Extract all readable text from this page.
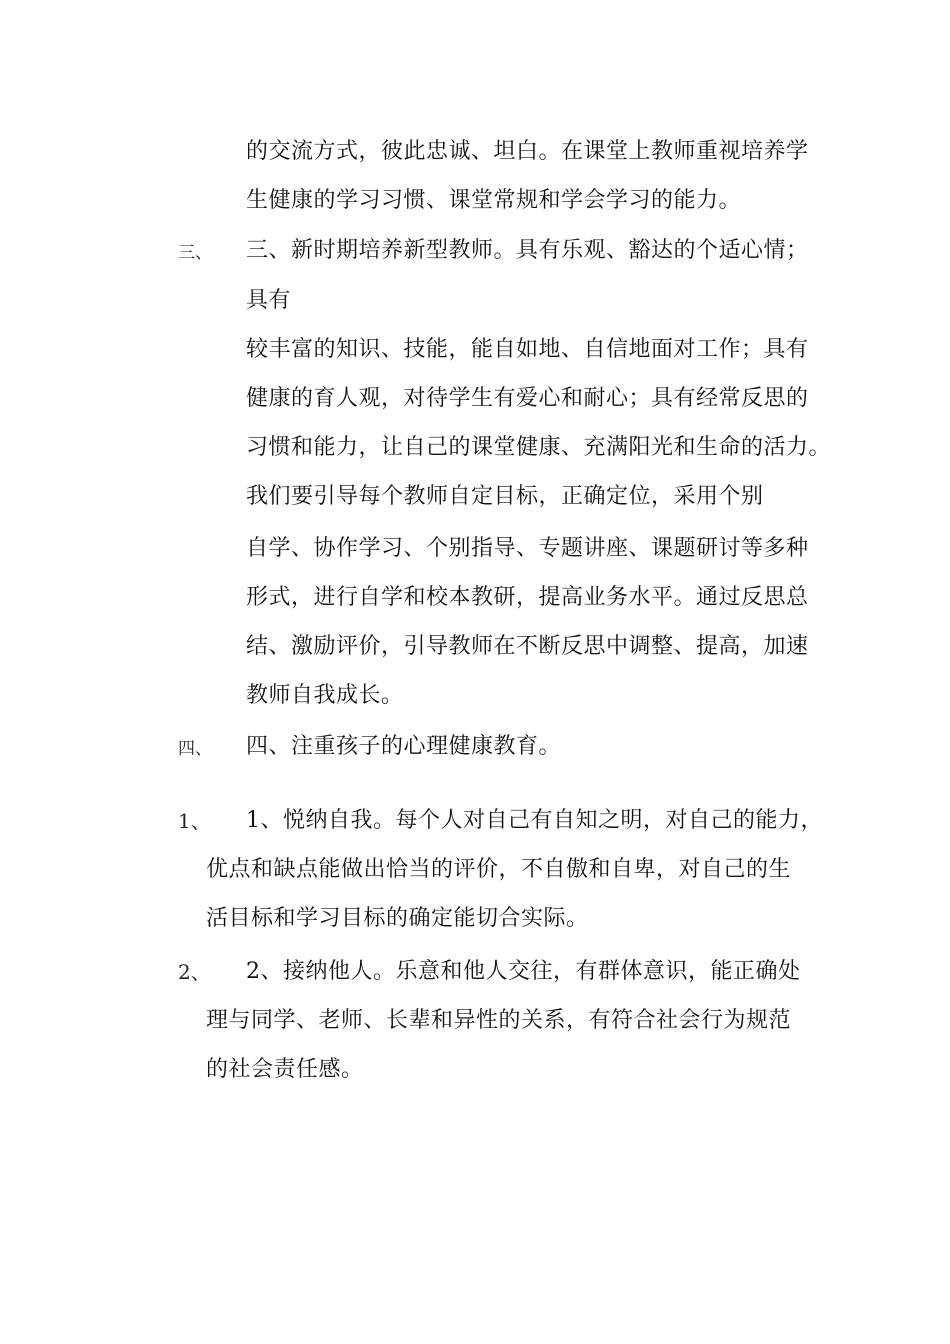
的交流方式，彼此忠诚、坦白。在课堂上教师重视培养学
生健康的学习习惯、课堂常规和学会学习的能力。
三、 三、新时期培养新型教师。具有乐观、豁达的个适心情；
具有
较丰富的知识、技能，能自如地、自信地面对工作；具有
健康的育人观，对待学生有爱心和耐心；具有经常反思的
习惯和能力，让自己的课堂健康、充满阳光和生命的活力。
我们要引导每个教师自定目标，正确定位，采用个别
自学、协作学习、个别指导、专题讲座、课题研讨等多种
形式，进行自学和校本教研，提高业务水平。通过反思总
结、激励评价，引导教师在不断反思中调整、提高，加速
教师自我成长。
四、 四、注重孩子的心理健康教育。
1、 1、悦纳自我。每个人对自己有自知之明，对自己的能力，
优点和缺点能做出恰当的评价，不自傲和自卑，对自己的生
活目标和学习目标的确定能切合实际。
2、 2、接纳他人。乐意和他人交往，有群体意识，能正确处
理与同学、老师、长辈和异性的关系，有符合社会行为规范
的社会责任感。
